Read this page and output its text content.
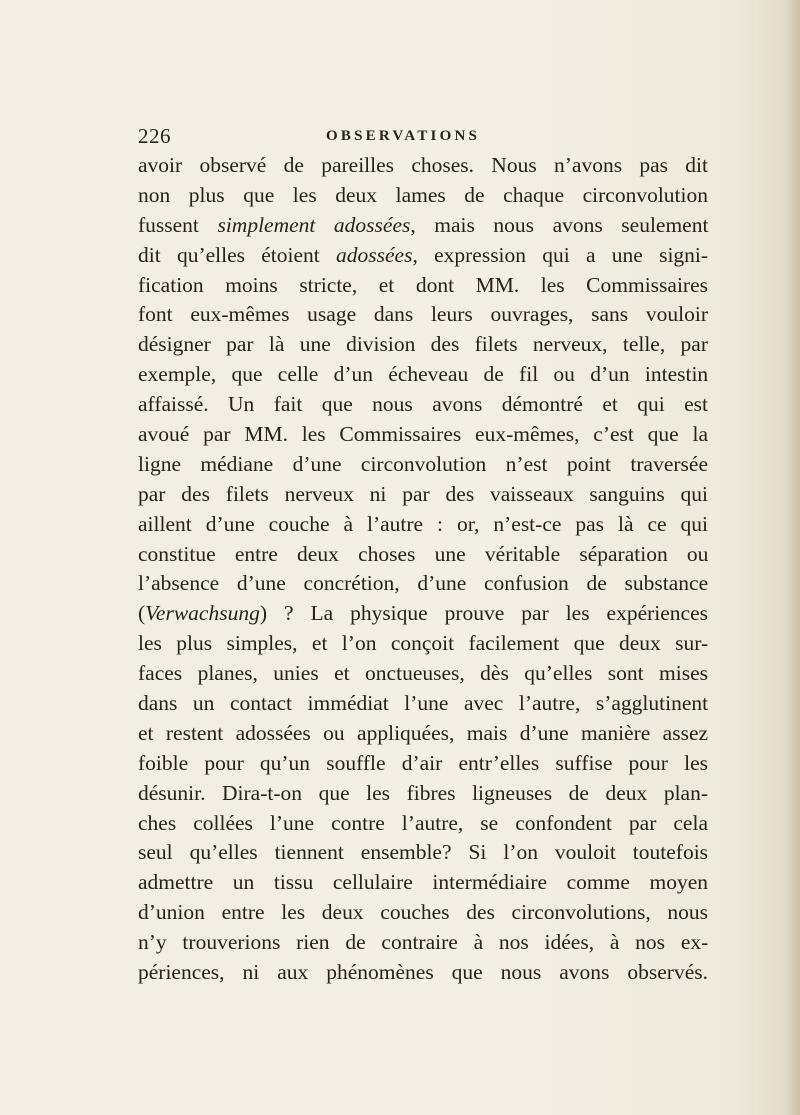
226	OBSERVATIONS
avoir observé de pareilles choses. Nous n’avons pas dit
non plus que les deux lames de chaque circonvolution
fussent simplement adossées, mais nous avons seulement
dit qu’elles étoient adossées, expression qui a une signi-
fication moins stricte, et dont MM. les Commissaires
font eux-mêmes usage dans leurs ouvrages, sans vouloir
désigner par là une division des filets nerveux, telle, par
exemple, que celle d’un écheveau de fil ou d’un intestin
affaissé. Un fait que nous avons démontré et qui est
avoué par MM. les Commissaires eux-mêmes, c’est que la
ligne médiane d’une circonvolution n’est point traversée
par des filets nerveux ni par des vaisseaux sanguins qui
aillent d’une couche à l’autre : or, n’est-ce pas là ce qui
constitue entre deux choses une véritable séparation ou
l’absence d’une concrétion, d’une confusion de substance
(Verwachsung) ? La physique prouve par les expériences
les plus simples, et l’on conçoit facilement que deux sur-
faces planes, unies et onctueuses, dès qu’elles sont mises
dans un contact immédiat l’une avec l’autre, s’agglutinent
et restent adossées ou appliquées, mais d’une manière assez
foible pour qu’un souffle d’air entr’elles suffise pour les
désunir. Dira-t-on que les fibres ligneuses de deux plan-
ches collées l’une contre l’autre, se confondent par cela
seul qu’elles tiennent ensemble? Si l’on vouloit toutefois
admettre un tissu cellulaire intermédiaire comme moyen
d’union entre les deux couches des circonvolutions, nous
n’y trouverions rien de contraire à nos idées, à nos ex-
périences, ni aux phénomènes que nous avons observés.
